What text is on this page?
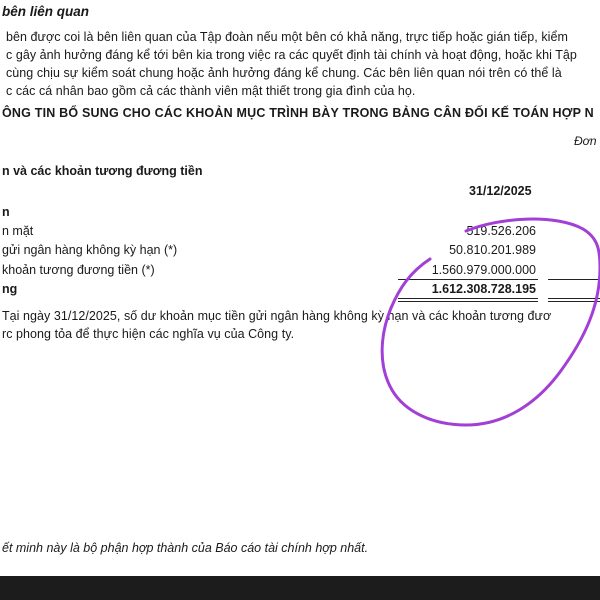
bên liên quan
bên được coi là bên liên quan của Tập đoàn nếu một bên có khả năng, trực tiếp hoặc gián tiếp, kiểm
c gây ảnh hưởng đáng kể tới bên kia trong việc ra các quyết định tài chính và hoạt động, hoặc khi Tập
cùng chịu sự kiểm soát chung hoặc ảnh hưởng đáng kể chung. Các bên liên quan nói trên có thể là
c các cá nhân bao gồm cả các thành viên mật thiết trong gia đình của họ.
ÔNG TIN BỔ SUNG CHO CÁC KHOẢN MỤC TRÌNH BÀY TRONG BẢNG CÂN ĐỐI KẾ TOÁN HỢP N
Đơn
n và các khoản tương đương tiền
31/12/2025
n
n mặt	519.526.206
gửi ngân hàng không kỳ hạn (*)	50.810.201.989
khoản tương đương tiền (*)	1.560.979.000.000
ng	1.612.308.728.195
Tại ngày 31/12/2025, số dư khoản mục tiền gửi ngân hàng không kỳ hạn và các khoản tương đươ
rc phong tỏa để thực hiện các nghĩa vụ của Công ty.
ết minh này là bộ phận hợp thành của Báo cáo tài chính hợp nhất.
